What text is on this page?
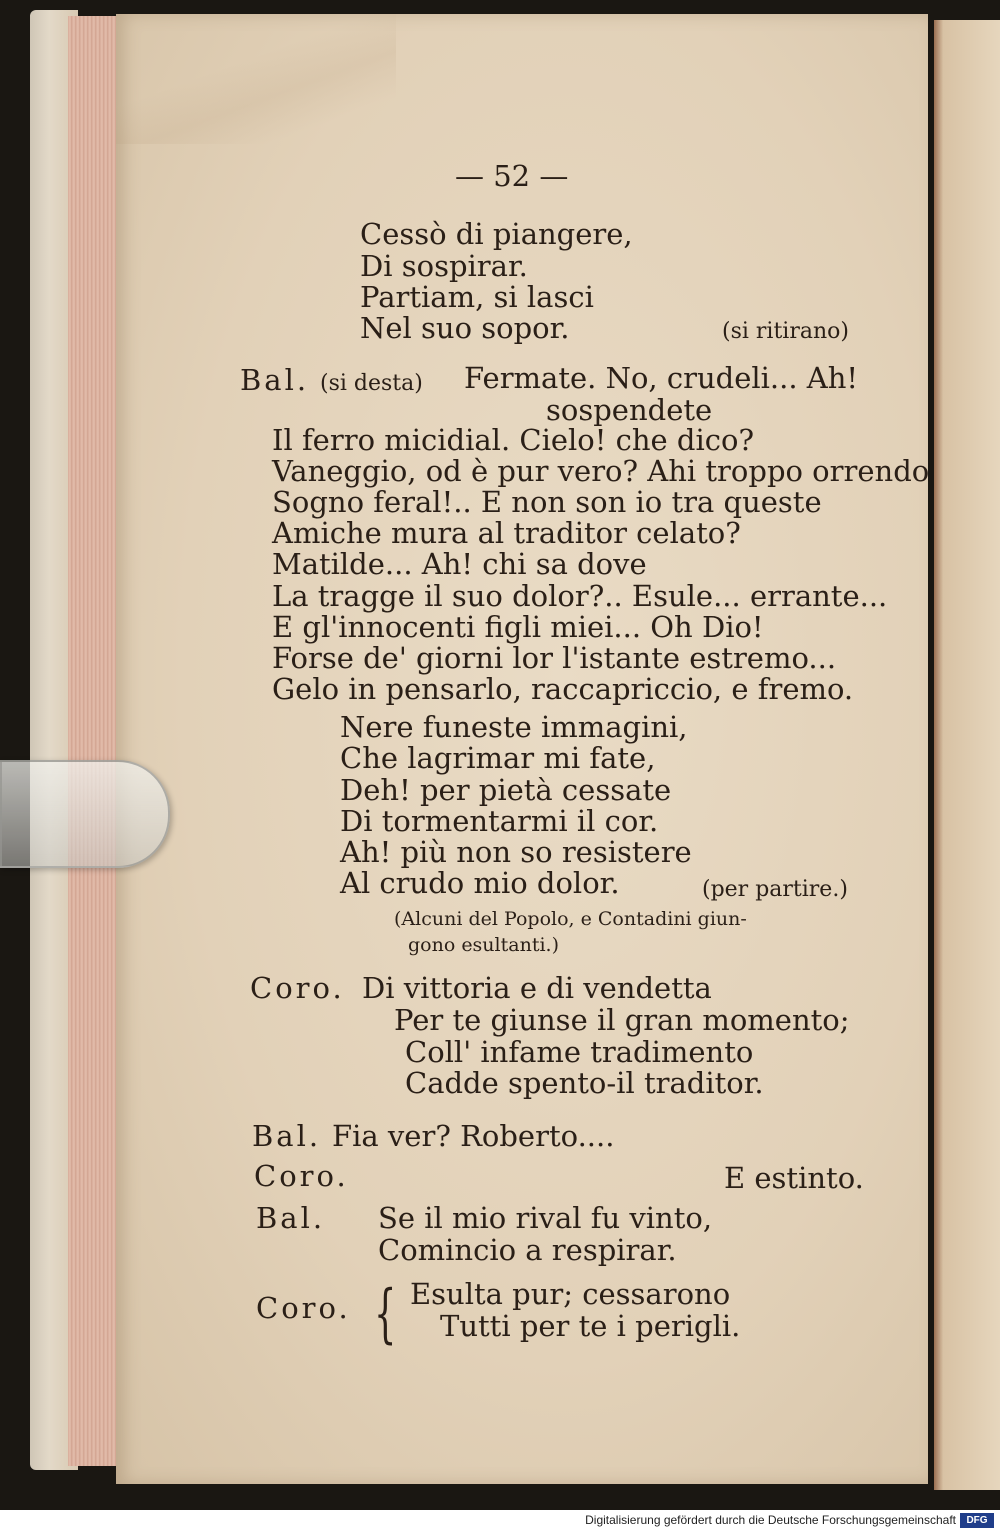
— 52 —
Cessò di piangere,
Di sospirar.
Partiam, si lasci
Nel suo sopor.	(si ritirano)
Bal. (si desta) Fermate. No, crudeli... Ah!
sospendete
Il ferro micidial. Cielo! che dico?
Vaneggio, od è pur vero? Ahi troppo orrendo
Sogno feral!.. E non son io tra queste
Amiche mura al traditor celato?
Matilde... Ah! chi sa dove
La tragge il suo dolor?.. Esule... errante...
E gl'innocenti figli miei... Oh Dio!
Forse de' giorni lor l'istante estremo...
Gelo in pensarlo, raccapriccio, e fremo.
Nere funeste immagini,
Che lagrimar mi fate,
Deh! per pietà cessate
Di tormentarmi il cor.
Ah! più non so resistere
Al crudo mio dolor.	(per partire.)
(Alcuni del Popolo, e Contadini giun-
gono esultanti.)
Coro. Di vittoria e di vendetta
Per te giunse il gran momento;
Coll' infame tradimento
Cadde spento-il traditor.
Bal. Fia ver? Roberto....
Coro.	E estinto.
Bal. Se il mio rival fu vinto,
Comincio a respirar.
Coro. { Esulta pur; cessarono
Tutti per te i perigli.
Digitalisierung gefördert durch die Deutsche Forschungsgemeinschaft	DFG
